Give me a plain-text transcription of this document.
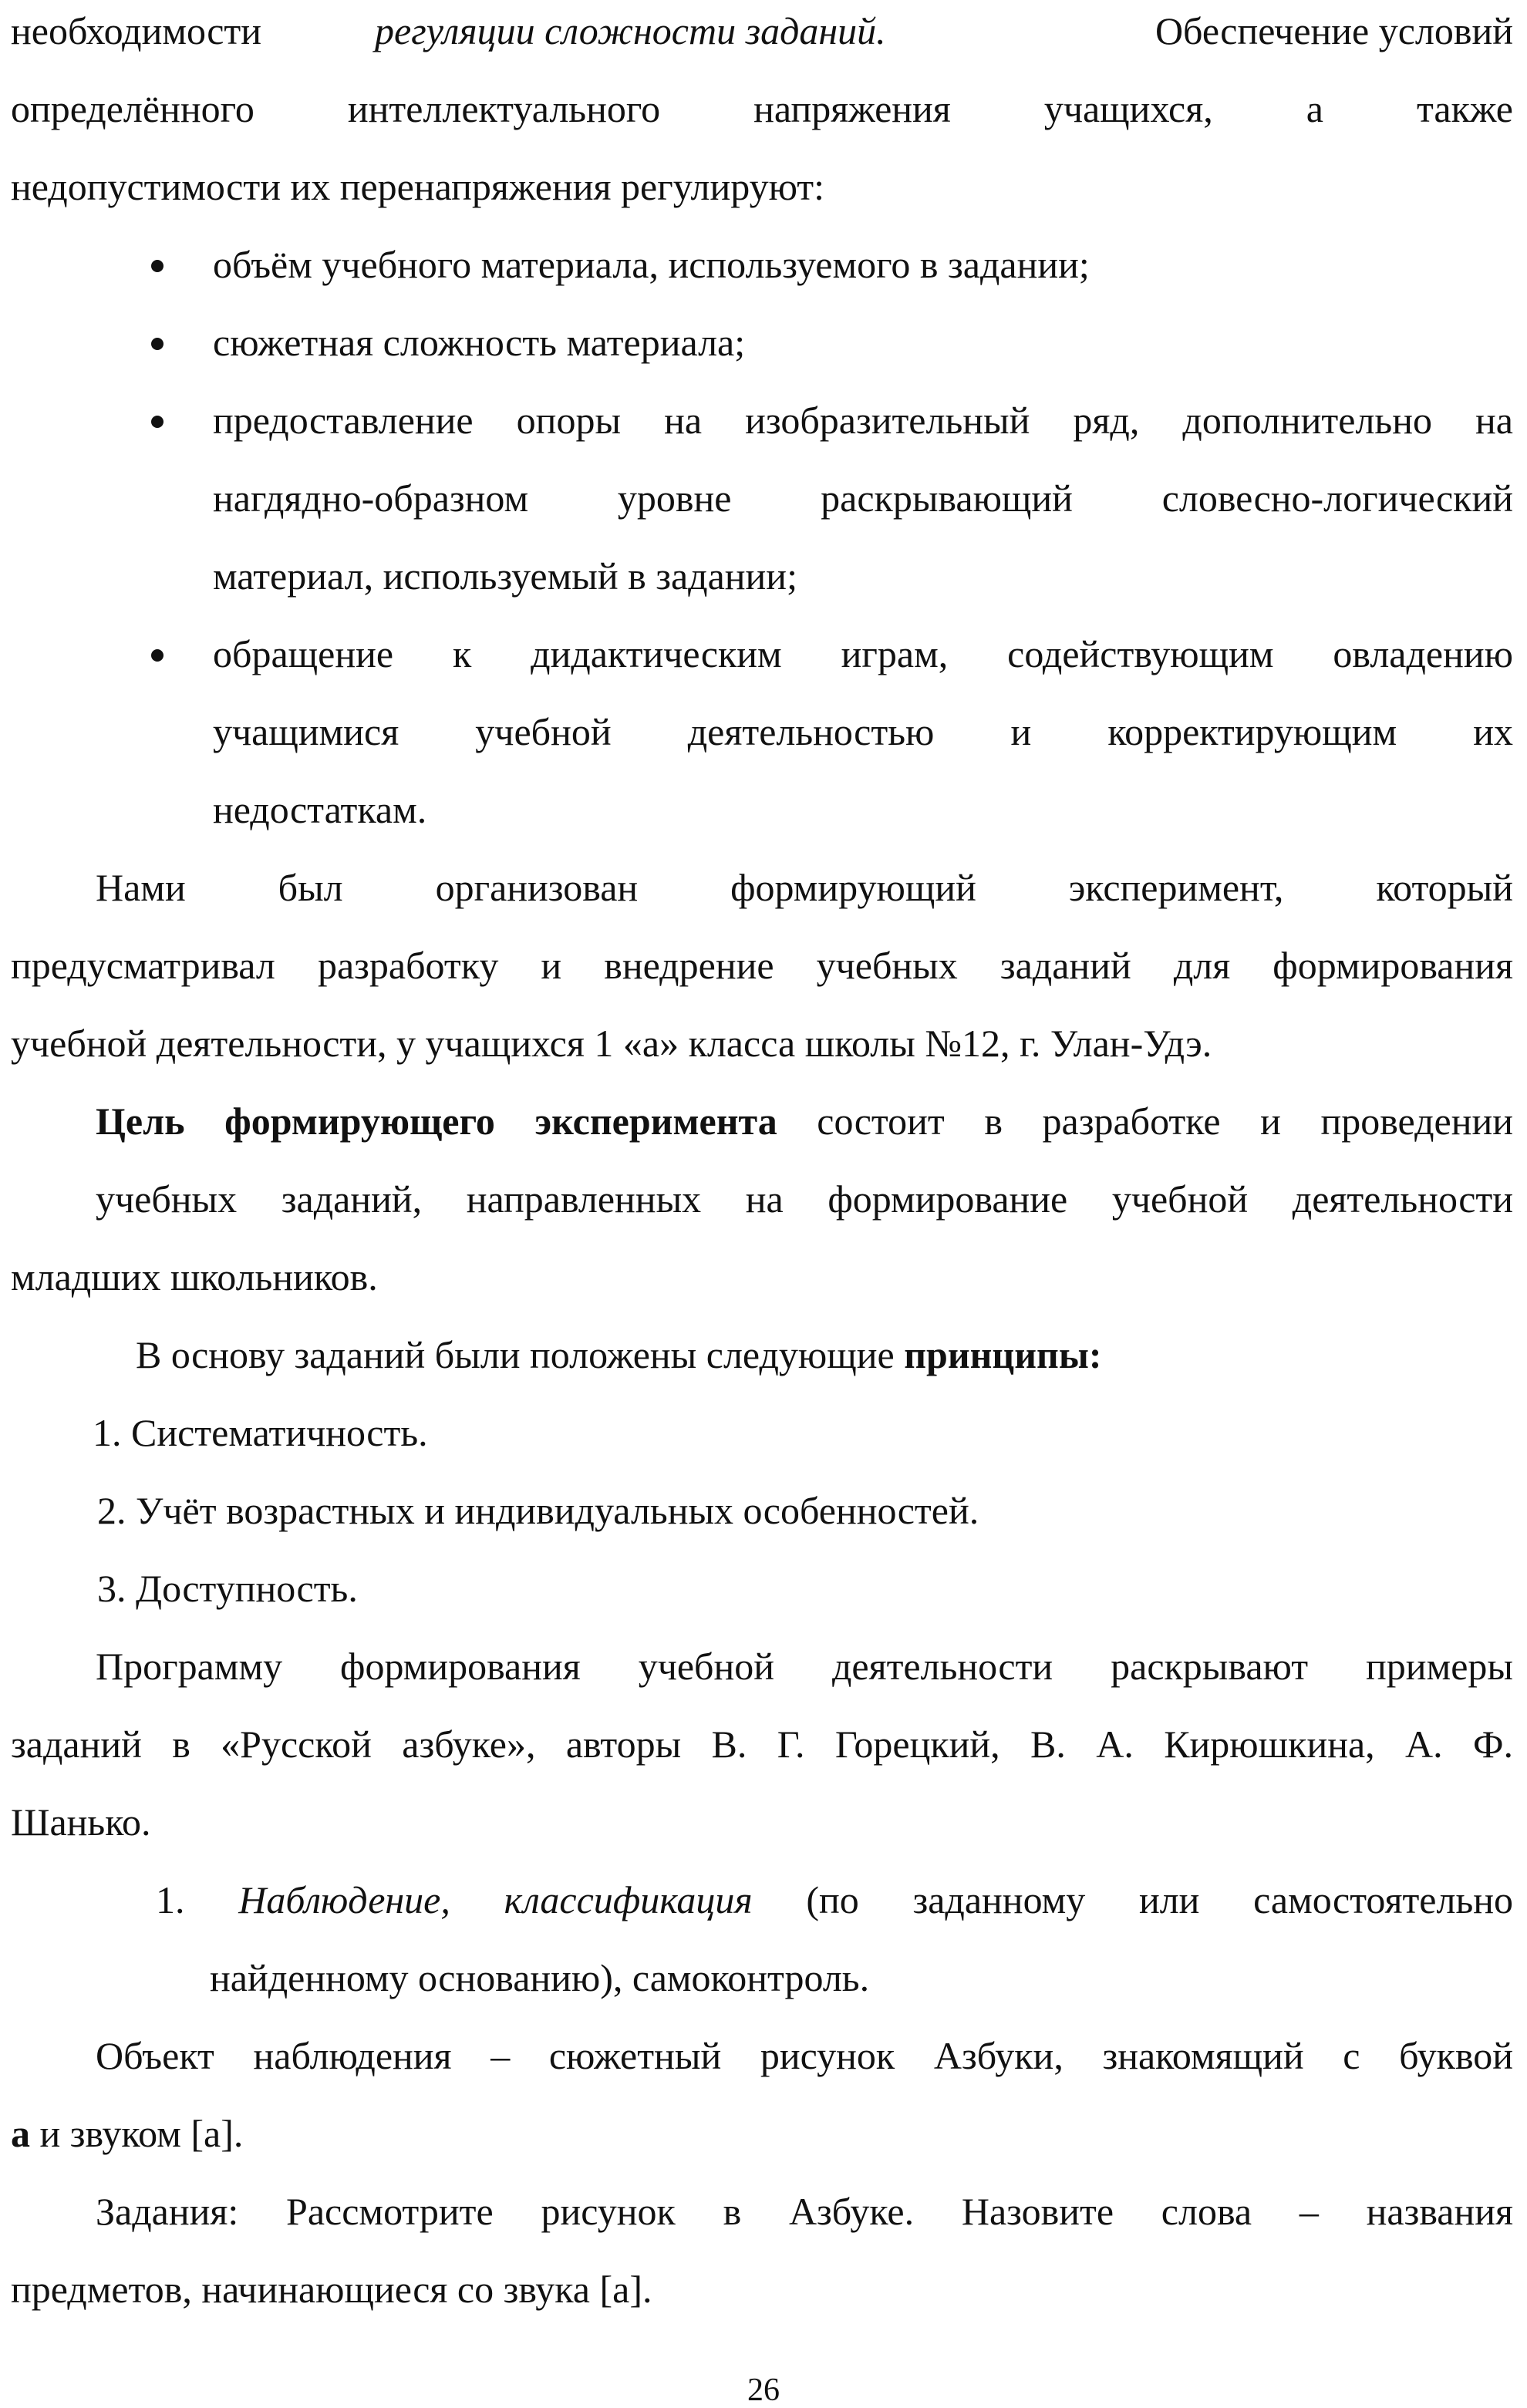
необходимости	регуляции сложности заданий.	Обеспечение условий
определённого интеллектуального напряжения учащихся, а также
недопустимости их перенапряжения регулируют:
объём учебного материала, используемого в задании;
сюжетная сложность материала;
предоставление опоры на изобразительный ряд, дополнительно на
нагдядно-образном уровне раскрывающий словесно-логический
материал, используемый в задании;
обращение к дидактическим играм, содействующим овладению
учащимися учебной деятельностью и корректирующим их
недостаткам.
Нами был организован формирующий эксперимент, который
предусматривал разработку и внедрение учебных заданий для формирования
учебной деятельности, у учащихся 1 «а» класса школы №12, г. Улан-Удэ.
Цель формирующего эксперимента состоит в разработке и проведении
учебных заданий, направленных на формирование учебной деятельности
младших школьников.
В основу заданий были положены следующие принципы:
1. Систематичность.
2. Учёт возрастных и индивидуальных особенностей.
3. Доступность.
Программу формирования учебной деятельности раскрывают примеры
заданий в «Русской азбуке», авторы В. Г. Горецкий, В. А. Кирюшкина, А. Ф.
Шанько.
1. Наблюдение, классификация (по заданному или самостоятельно
найденному основанию), самоконтроль.
Объект наблюдения – сюжетный рисунок Азбуки, знакомящий с буквой
а и звуком [а].
Задания: Рассмотрите рисунок в Азбуке. Назовите слова – названия
предметов, начинающиеся со звука [а].
26
